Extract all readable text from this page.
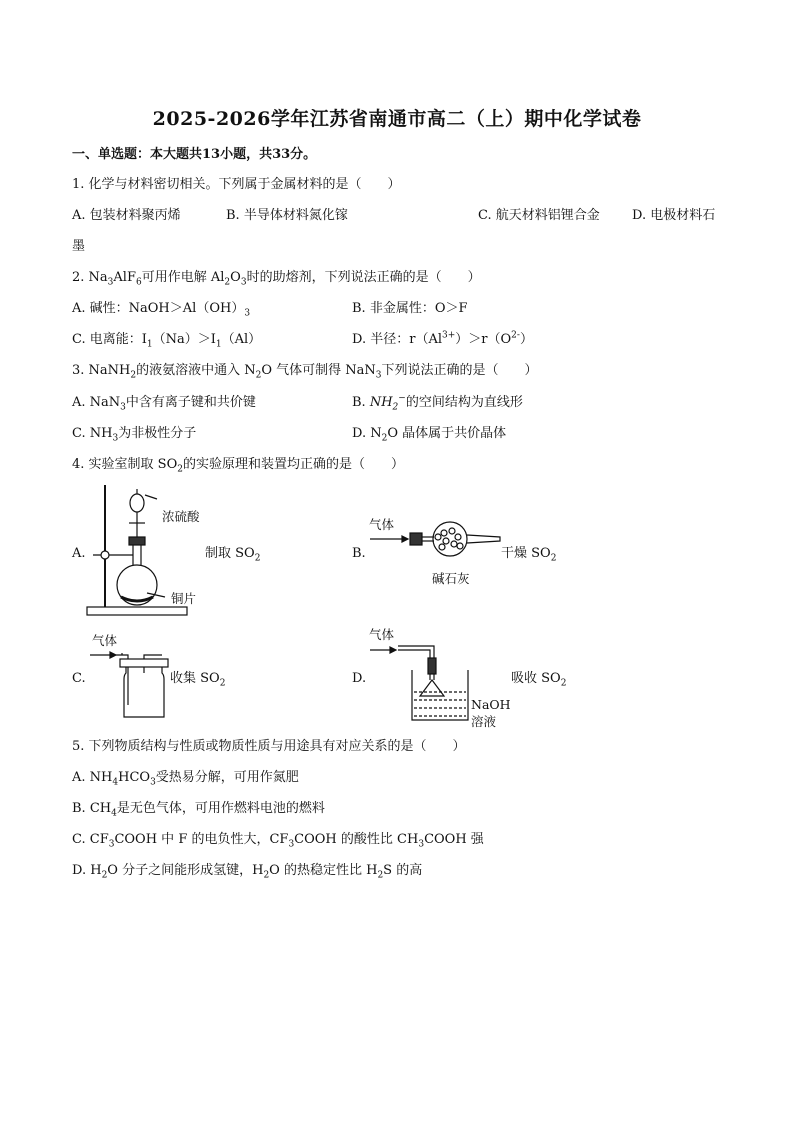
2025-2026学年江苏省南通市高二（上）期中化学试卷
一、单选题：本大题共13小题，共33分。
1. 化学与材料密切相关。下列属于金属材料的是（　　）
A. 包装材料聚丙烯	B. 半导体材料氮化镓	C. 航天材料铝锂合金 D. 电极材料石
墨
2. $Na_3AlF_6$可用作电解 $Al_2O_3$时的助熔剂，下列说法正确的是（　　）
A. 碱性：$NaOH>Al(OH)_3$	B. 非金属性：O＞F
C. 电离能：$I_1(Na)>I_1(Al)$	D. 半径：$r(Al^{3+})>r(O^{2-})$
3. NaNH$_2$的液氨溶液中通入 $N_2O$ 气体可制得 NaN$_3$下列说法正确的是（　　）
A. NaN$_3$中含有离子键和共价键	B. $NH_2^-$的空间结构为直线形
C. $NH_3$为非极性分子	D. $N_2O$ 晶体属于共价晶体
4. 实验室制取 $SO_2$的实验原理和装置均正确的是（　　）
A.
浓硫酸
铜片
制取 $SO_2$	B.
气体
碱石灰
干燥 $SO_2$
C.
气体
收集 $SO_2$	D.
气体
NaOH
溶液
吸收 $SO_2$
5. 下列物质结构与性质或物质性质与用途具有对应关系的是（　　）
A. $NH_4HCO_3$受热易分解，可用作氮肥
B. $CH_4$是无色气体，可用作燃料电池的燃料
C. $CF_3COOH$ 中 F 的电负性大，$CF_3COOH$ 的酸性比 $CH_3COOH$ 强
D. $H_2O$ 分子之间能形成氢键，$H_2O$ 的热稳定性比 $H_2S$ 的高
